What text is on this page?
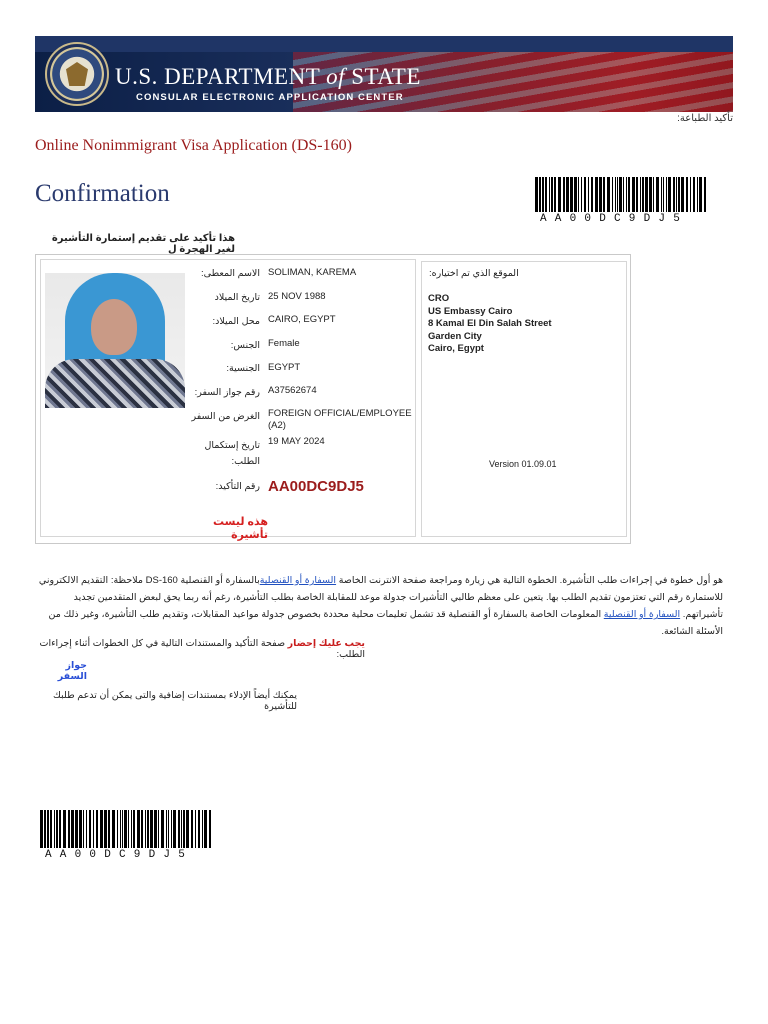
U.S. DEPARTMENT of STATE
CONSULAR ELECTRONIC APPLICATION CENTER
تأكيد الطباعة:
Online Nonimmigrant Visa Application (DS-160)
Confirmation
AA00DC9DJ5
هذا تأكيد على تقديم إستمارة التأشيرة لغير الهجرة ل
الاسم المعطى: SOLIMAN, KAREMA
تاريخ الميلاد 25 NOV 1988
محل الميلاد: CAIRO, EGYPT
الجنس: Female
الجنسية: EGYPT
رقم جواز السفر: A37562674
الغرض من السفر FOREIGN OFFICIAL/EMPLOYEE (A2)
تاريخ إستكمال الطلب:
19 MAY 2024
رقم التأكيد: AA00DC9DJ5
هذه ليست تأشيرة
الموقع الذي تم اختياره:
CRO
US Embassy Cairo
8 Kamal El Din Salah Street
Garden City
Cairo, Egypt
Version 01.09.01
هو أول خطوة في إجراءات طلب التأشيرة. الخطوة التالية هي زيارة ومراجعة صفحة الانترنت الخاصة السفارة أو القنصليةبالسفارة أو القنصلية DS-160 ملاحظة: التقديم الالكتروني للاستمارة رقم التي تعتزمون تقديم الطلب بها. يتعين على معظم طالبي التأشيرات جدولة موعد للمقابلة الخاصة بطلب التأشيرة، رغم أنه ربما يحق لبعض المتقدمين تجديد تأشيراتهم. السفارة أو القنصلية المعلومات الخاصة بالسفارة أو القنصلية قد تشمل تعليمات محلية محددة بخصوص جدولة مواعيد المقابلات، وتقديم طلب التأشيرة، وغير ذلك من الأسئلة الشائعة.
يجب عليك إحضار صفحة التأكيد والمستندات التالية في كل الخطوات أثناء إجراءات الطلب:
جواز السفر
يمكنك أيضاً الإدلاء بمستندات إضافية والتى يمكن أن تدعم طلبك للتأشيرة
AA00DC9DJ5
